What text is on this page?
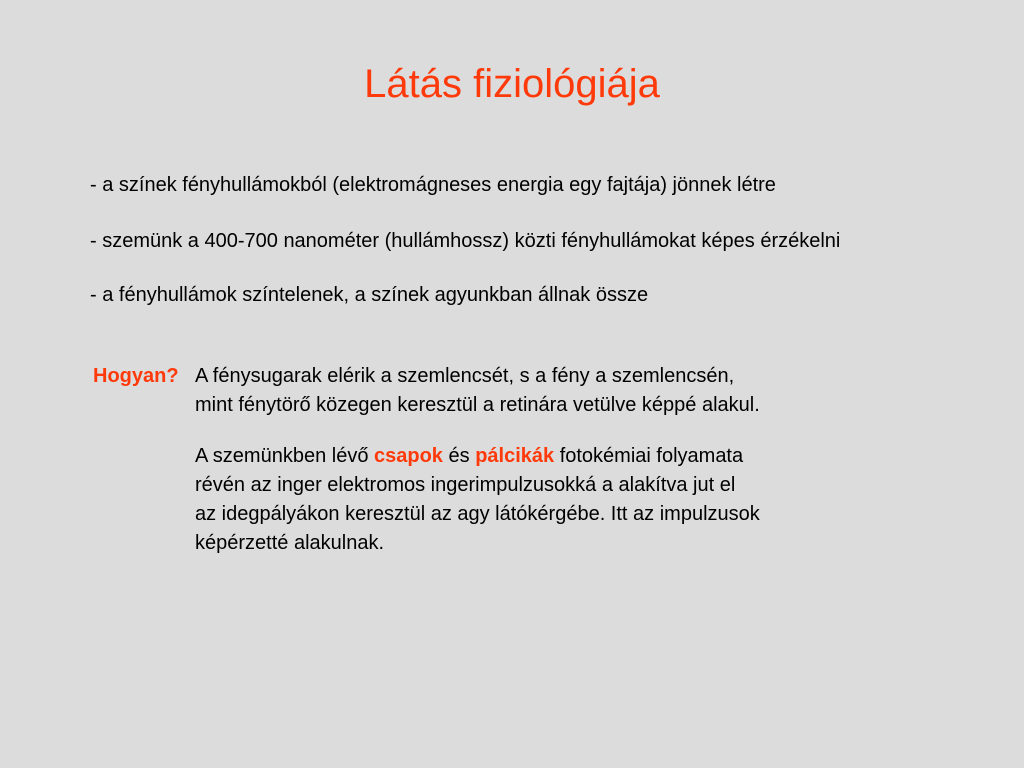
Látás fiziológiája
- a színek fényhullámokból (elektromágneses energia egy fajtája) jönnek létre
- szemünk a 400-700 nanométer (hullámhossz) közti fényhullámokat képes érzékelni
- a fényhullámok színtelenek, a színek agyunkban állnak össze
Hogyan? A fénysugarak elérik a szemlencsét, s a fény a szemlencsén,
mint fénytörő közegen keresztül a retinára vetülve képpé alakul.
A szemünkben lévő csapok és pálcikák fotokémiai folyamata
révén az inger elektromos ingerimpulzusokká a alakítva jut el
az idegpályákon keresztül az agy látókérgébe. Itt az impulzusok
képérzetté alakulnak.
